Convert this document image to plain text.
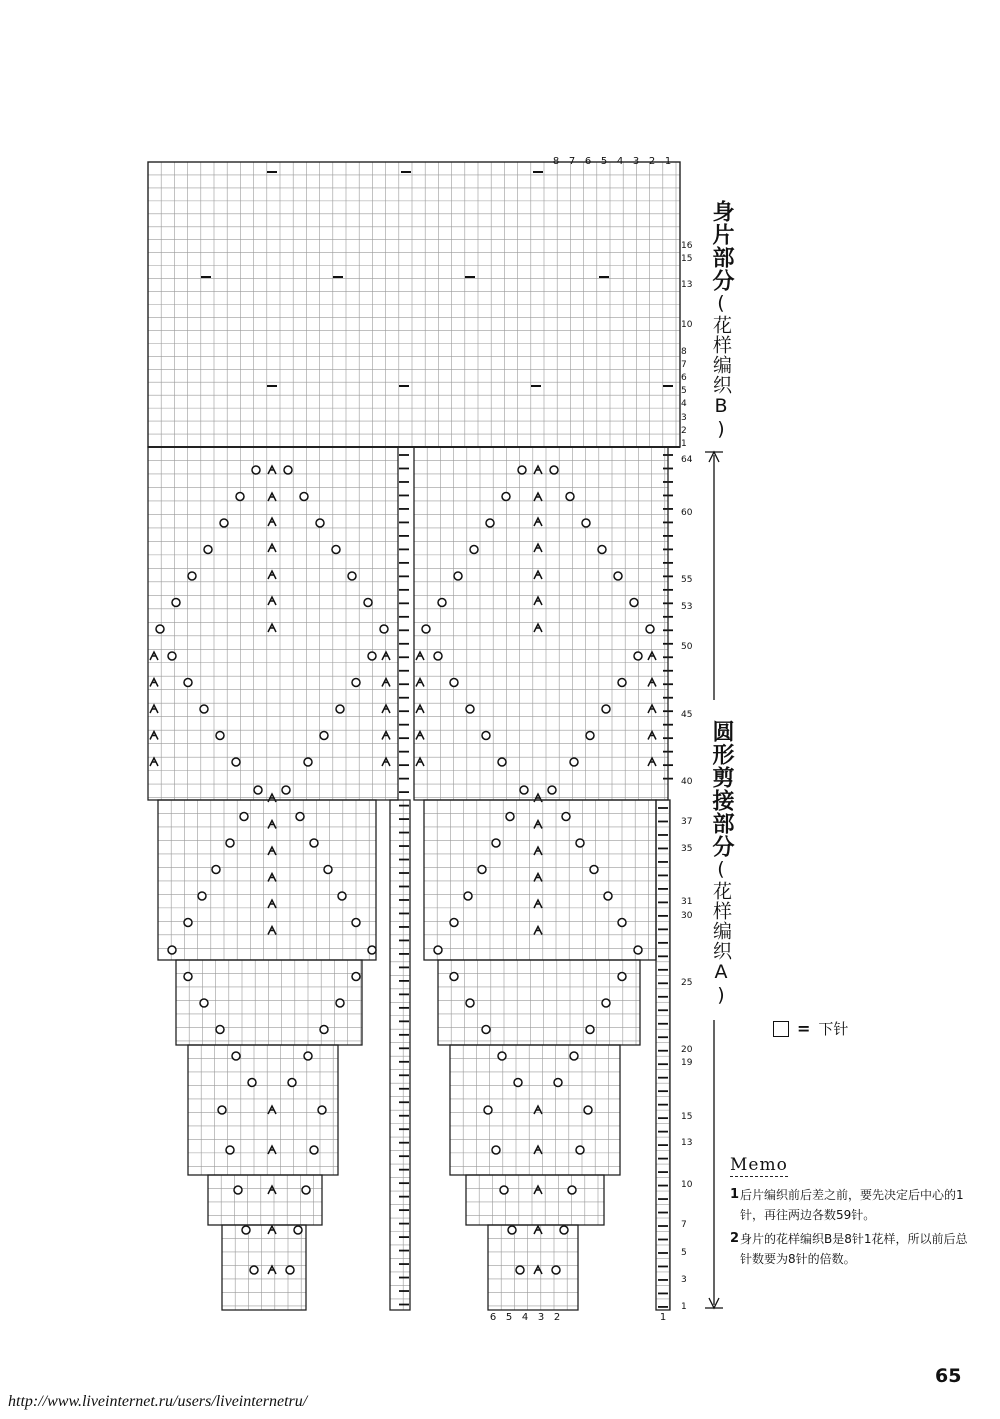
8 7 6 5 4 3 2 1
1
2
3
4
5
6
7
8
10
13
15
16
1
3
5
7
10
13
15
19
20
25
30
31
35
37
40
45
50
53
55
60
64
6 5 4 3 2	1
身片部分(花样编织B)
圆形剪接部分(花样编织A)
= 下针
Memo
1 后片编织前后差之前，要先决定后中心的1针，再往两边各数59针。
2 身片的花样编织B是8针1花样，所以前后总针数要为8针的倍数。
65
http://www.liveinternet.ru/users/liveinternetru/
